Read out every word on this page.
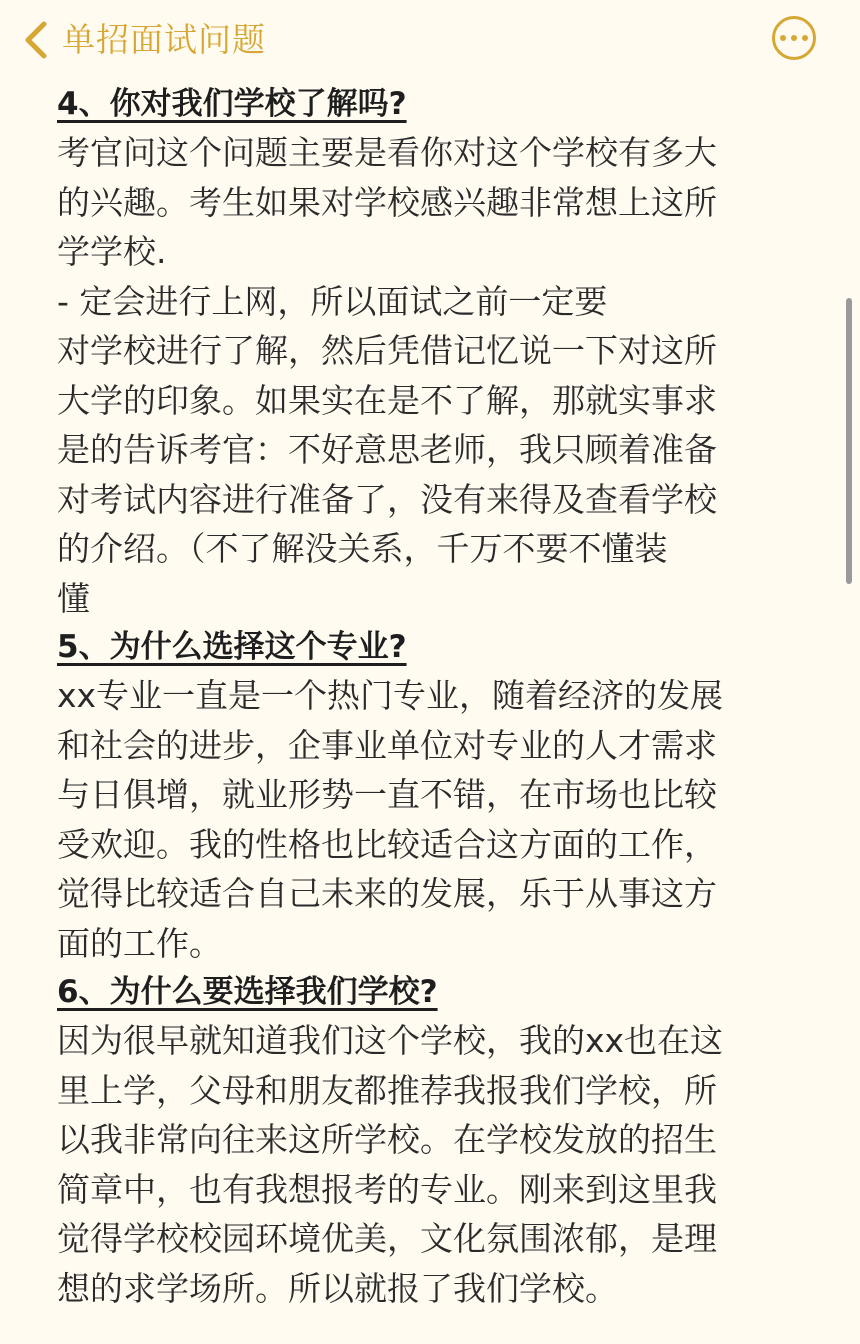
单招面试问题

4、你对我们学校了解吗?

考官问这个问题主要是看你对这个学校有多大

的兴趣。考生如果对学校感兴趣非常想上这所

学学校.

- 定会进行上网，所以面试之前一定要

对学校进行了解，然后凭借记忆说一下对这所

大学的印象。如果实在是不了解，那就实事求

是的告诉考官：不好意思老师，我只顾着准备

对考试内容进行准备了，没有来得及查看学校

的介绍。（不了解没关系，千万不要不懂装

懂

5、为什么选择这个专业?

xx专业一直是一个热门专业，随着经济的发展

和社会的进步，企事业单位对专业的人才需求

与日俱增，就业形势一直不错，在市场也比较

受欢迎。我的性格也比较适合这方面的工作，

觉得比较适合自己未来的发展，乐于从事这方

面的工作。

6、为什么要选择我们学校?

因为很早就知道我们这个学校，我的xx也在这

里上学，父母和朋友都推荐我报我们学校，所

以我非常向往来这所学校。在学校发放的招生

简章中，也有我想报考的专业。刚来到这里我

觉得学校校园环境优美，文化氛围浓郁，是理

想的求学场所。所以就报了我们学校。
